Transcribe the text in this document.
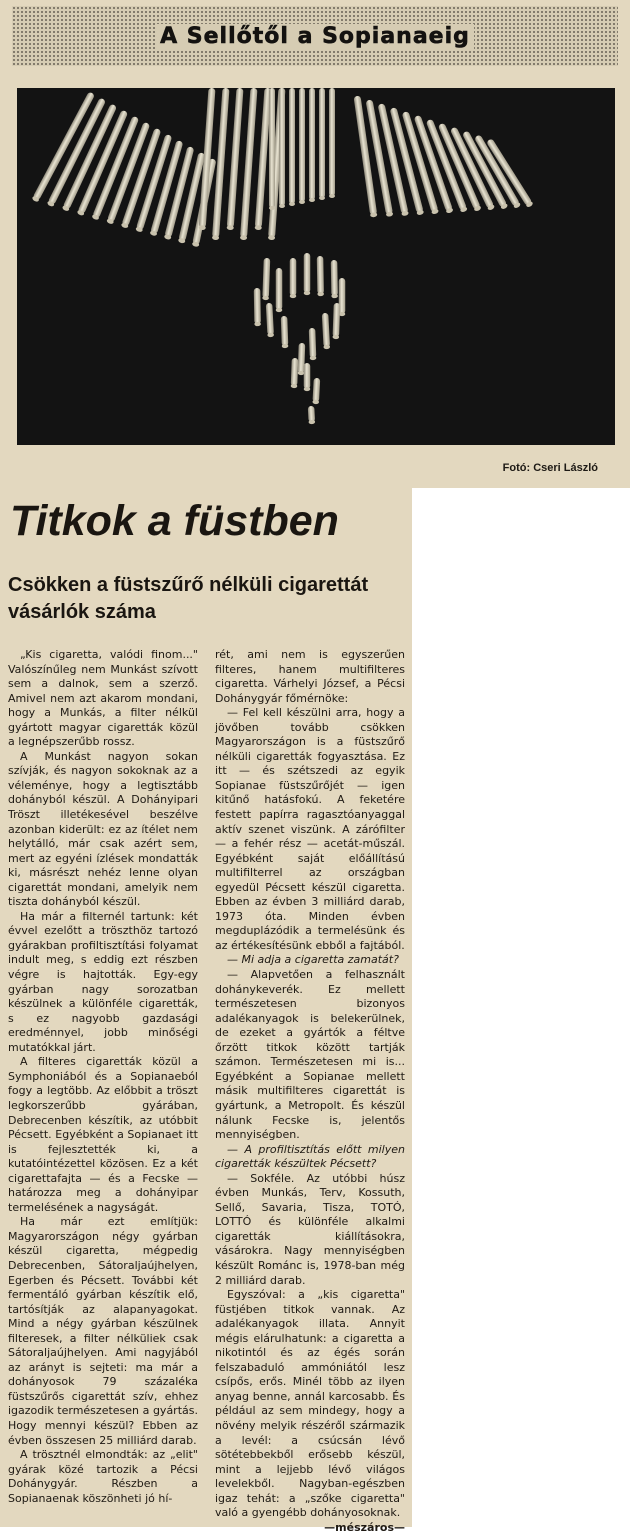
A Sellőtől a Sopianaeig
Fotó: Cseri László
Titkok a füstben
Csökken a füstszűrő nélküli cigarettát vásárlók száma

„Kis cigaretta, valódi finom..." Valószínűleg nem Munkást szívott sem a dalnok, sem a szerző. Amivel nem azt akarom mondani, hogy a Munkás, a filter nélkül gyártott magyar cigaretták közül a legnépszerűbb rossz.

A Munkást nagyon sokan szívják, és nagyon sokoknak az a véleménye, hogy a legtisztább dohányból készül. A Dohányipari Tröszt illetékesével beszélve azonban kiderült: ez az ítélet nem helytálló, már csak azért sem, mert az egyéni ízlések mondatták ki, másrészt nehéz lenne olyan cigarettát mondani, amelyik nem tiszta dohányból készül.

Ha már a filternél tartunk: két évvel ezelőtt a tröszthöz tartozó gyárakban profiltisztítási folyamat indult meg, s eddig ezt részben végre is hajtották. Egy-egy gyárban nagy sorozatban készülnek a különféle cigaretták, s ez nagyobb gazdasági eredménnyel, jobb minőségi mutatókkal járt.

A filteres cigaretták közül a Symphoniából és a Sopianaeból fogy a legtöbb. Az előbbit a tröszt legkorszerűbb gyárában, Debrecenben készítik, az utóbbit Pécsett. Egyébként a Sopianaet itt is fejlesztették ki, a kutatóintézettel közösen. Ez a két cigarettafajta — és a Fecske — határozza meg a dohányipar termelésének a nagyságát.

Ha már ezt említjük: Magyarországon négy gyárban készül cigaretta, mégpedig Debrecenben, Sátoraljaújhelyen, Egerben és Pécsett. További két fermentáló gyárban készítik elő, tartósítják az alapanyagokat. Mind a négy gyárban készülnek filteresek, a filter nélküliek csak Sátoraljaújhelyen. Ami nagyjából az arányt is sejteti: ma már a dohányosok 79 százaléka füstszűrős cigarettát szív, ehhez igazodik természetesen a gyártás. Hogy mennyi készül? Ebben az évben összesen 25 milliárd darab.

A trösztnél elmondták: az „elit" gyárak közé tartozik a Pécsi Dohánygyár. Részben a Sopianaenak köszönheti jó hí-

rét, ami nem is egyszerűen filteres, hanem multifilteres cigaretta. Várhelyi József, a Pécsi Dohánygyár főmérnöke:

— Fel kell készülni arra, hogy a jövőben tovább csökken Magyarországon is a füstszűrő nélküli cigaretták fogyasztása. Ez itt — és szétszedi az egyik Sopianae füstszűrőjét — igen kitűnő hatásfokú. A feketére festett papírra ragasztóanyaggal aktív szenet viszünk. A zárófilter — a fehér rész — acetát-műszál. Egyébként saját előállítású multifilterrel az országban egyedül Pécsett készül cigaretta. Ebben az évben 3 milliárd darab, 1973 óta. Minden évben megduplázódik a termelésünk és az értékesítésünk ebből a fajtából.

— Mi adja a cigaretta zamatát?

— Alapvetően a felhasznált dohánykeverék. Ez mellett természetesen bizonyos adalékanyagok is belekerülnek, de ezeket a gyártók a féltve őrzött titkok között tartják számon. Természetesen mi is... Egyébként a Sopianae mellett másik multifilteres cigarettát is gyártunk, a Metropolt. És készül nálunk Fecske is, jelentős mennyiségben.

— A profiltisztítás előtt milyen cigaretták készültek Pécsett?

— Sokféle. Az utóbbi húsz évben Munkás, Terv, Kossuth, Sellő, Savaria, Tisza, TOTÓ, LOTTÓ és különféle alkalmi cigaretták kiállításokra, vásárokra. Nagy mennyiségben készült Románc is, 1978-ban még 2 milliárd darab.

Egyszóval: a „kis cigaretta" füstjében titkok vannak. Az adalékanyagok illata. Annyit mégis elárulhatunk: a cigaretta a nikotintól és az égés során felszabaduló ammóniától lesz csípős, erős. Minél több az ilyen anyag benne, annál karcosabb. És például az sem mindegy, hogy a növény melyik részéről származik a levél: a csúcsán lévő sötétebbekből erősebb készül, mint a lejjebb lévő világos levelekből. Nagyban-egészben igaz tehát: a „szőke cigaretta" való a gyengébb dohányosoknak.

—mészáros—
